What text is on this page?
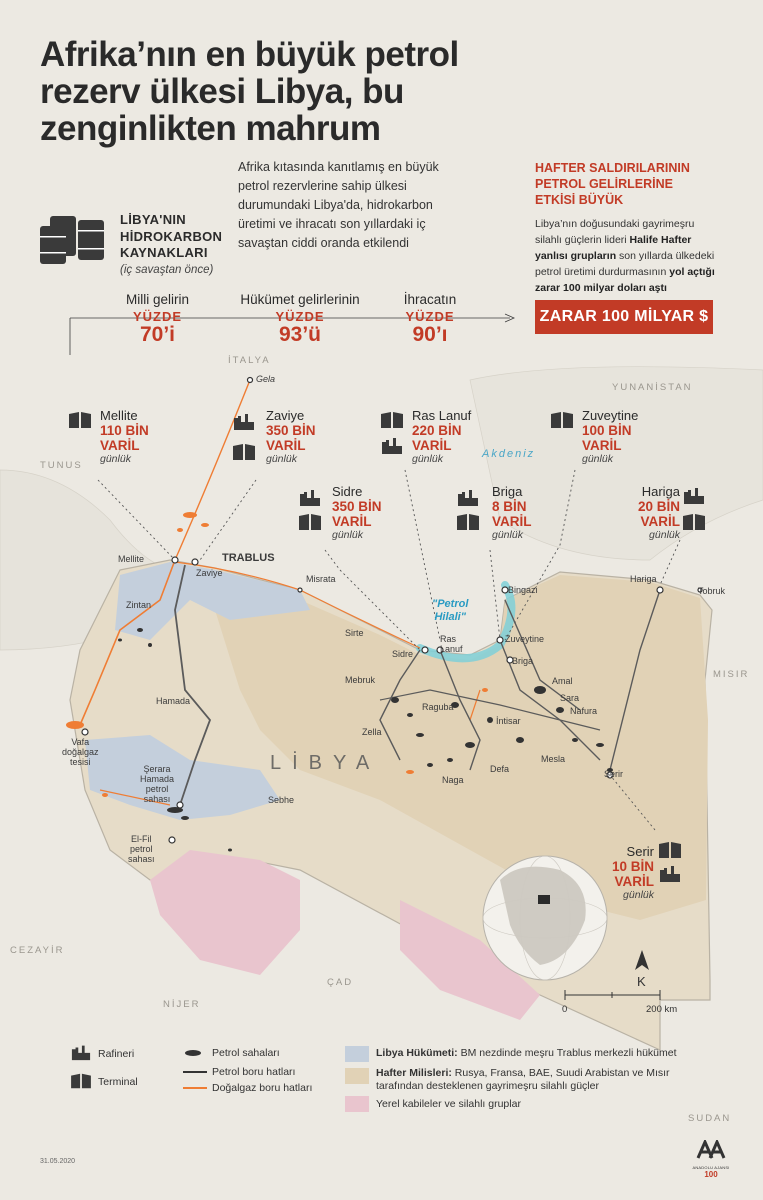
Afrika’nın en büyük petrol rezerv ülkesi Libya, bu zenginlikten mahrum
Afrika kıtasında kanıtlamış en büyük petrol rezervlerine sahip ülkesi durumundaki Libya'da, hidrokarbon üretimi ve ihracatı son yıllardaki iç savaştan ciddi oranda etkilendi
LİBYA'NIN
HİDROKARBON
KAYNAKLARI
(iç savaştan önce)
Milli gelirin
YÜZDE
70’i
Hükümet gelirlerinin
YÜZDE
93’ü
İhracatın
YÜZDE
90’ı
HAFTER SALDIRILARININ
PETROL GELİRLERİNE
ETKİSİ BÜYÜK
Libya’nın doğusundaki gayrimeşru silahlı güçlerin lideri Halife Hafter yanlısı grupların son yıllarda ülkedeki petrol üretimi durdurmasının yol açtığı zarar 100 milyar doları aştı
ZARAR 100 MİLYAR $
İTALYA
TUNUS
YUNANİSTAN
MISIR
CEZAYİR
NİJER
ÇAD
SUDAN
LİBYA
Akdeniz
"Petrol
Hilali"
Mellite
110 BİN
VARİL
günlük
Zaviye
350 BİN
VARİL
günlük
Ras Lanuf
220 BİN
VARİL
günlük
Zuveytine
100 BİN
VARİL
günlük
Sidre
350 BİN
VARİL
günlük
Briga
8 BİN
VARİL
günlük
Hariga
20 BİN
VARİL
günlük
Serir
10 BİN
VARİL
günlük
Gela
Mellite
Zaviye
TRABLUS
Misrata
Zintan
Hamada
Vafa
doğalgaz
tesisi
Şerara
Hamada
petrol
sahası	Sebhe
El-Fil
petrol
sahası
Sirte
Sidre
Ras
Lanuf
Bingazi
Zuveytine
Briga
Mebruk
Raguba
Zella
Naga
Defa
İntisar
Amal
Sara
Nafura
Mesla
Serir
Hariga
Tobruk
K
0	200 km
Rafineri
Terminal
Petrol sahaları
Petrol boru hatları
Doğalgaz boru hatları
Libya Hükümeti: BM nezdinde meşru Trablus merkezli hükümet
Hafter Milisleri: Rusya, Fransa, BAE, Suudi Arabistan ve Mısır tarafından desteklenen gayrimeşru silahlı güçler
Yerel kabileler ve silahlı gruplar
31.05.2020
ANADOLU AJANSI
100
